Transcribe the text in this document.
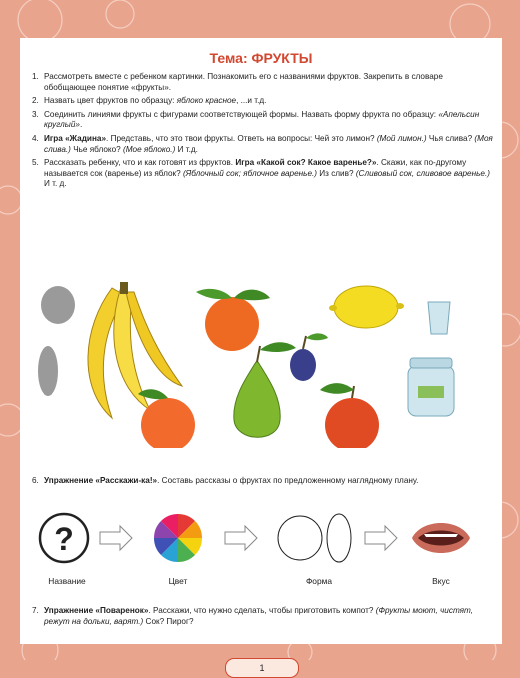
Тема: ФРУКТЫ
1. Рассмотреть вместе с ребенком картинки. Познакомить его с названиями фруктов. Закрепить в словаре обобщающее понятие «фрукты».
2. Назвать цвет фруктов по образцу: яблоко красное, ...и т.д.
3. Соединить линиями фрукты с фигурами соответствующей формы. Назвать форму фрукта по образцу: «Апельсин круглый».
4. Игра «Жадина». Представь, что это твои фрукты. Ответь на вопросы: Чей это лимон? (Мой лимон.) Чья слива? (Моя слива.) Чье яблоко? (Мое яблоко.) И т.д.
5. Рассказать ребенку, что и как готовят из фруктов. Игра «Какой сок? Какое варенье?». Скажи, как по-другому называется сок (варенье) из яблок? (Яблочный сок; яблочное варенье.) Из слив? (Сливовый сок, сливовое варенье.) И т. д.
6. Упражнение «Расскажи-ка!». Составь рассказы о фруктах по предложенному наглядному плану.
?
Название	Цвет	Форма	Вкус
7. Упражнение «Поваренок». Расскажи, что нужно сделать, чтобы приготовить компот? (Фрукты моют, чистят, режут на дольки, варят.) Сок? Пирог?
1
